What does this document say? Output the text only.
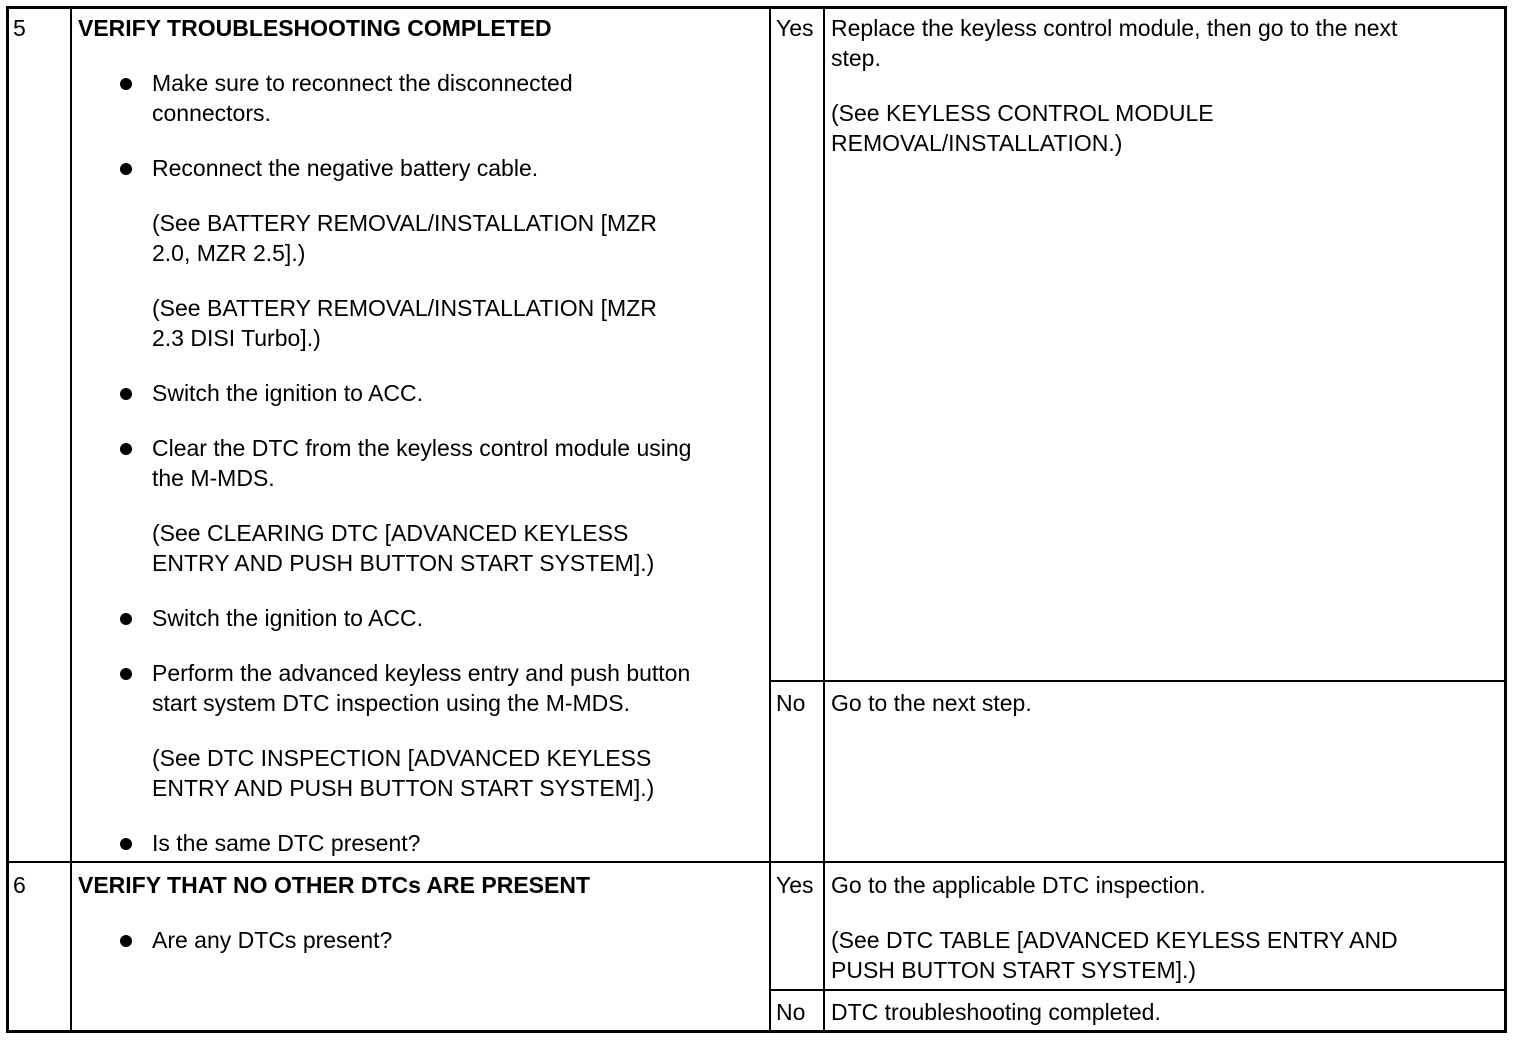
5 VERIFY TROUBLESHOOTING COMPLETED
Make sure to reconnect the disconnected
connectors.
Reconnect the negative battery cable.
(See BATTERY REMOVAL/INSTALLATION [MZR
2.0, MZR 2.5].)
(See BATTERY REMOVAL/INSTALLATION [MZR
2.3 DISI Turbo].)
Switch the ignition to ACC.
Clear the DTC from the keyless control module using
the M-MDS.
(See CLEARING DTC [ADVANCED KEYLESS
ENTRY AND PUSH BUTTON START SYSTEM].)
Switch the ignition to ACC.
Perform the advanced keyless entry and push button
start system DTC inspection using the M-MDS.
(See DTC INSPECTION [ADVANCED KEYLESS
ENTRY AND PUSH BUTTON START SYSTEM].)
Is the same DTC present?
Yes Replace the keyless control module, then go to the next
step.
(See KEYLESS CONTROL MODULE
REMOVAL/INSTALLATION.)
No Go to the next step.
6 VERIFY THAT NO OTHER DTCs ARE PRESENT
Are any DTCs present?
Yes Go to the applicable DTC inspection.
(See DTC TABLE [ADVANCED KEYLESS ENTRY AND
PUSH BUTTON START SYSTEM].)
No DTC troubleshooting completed.
